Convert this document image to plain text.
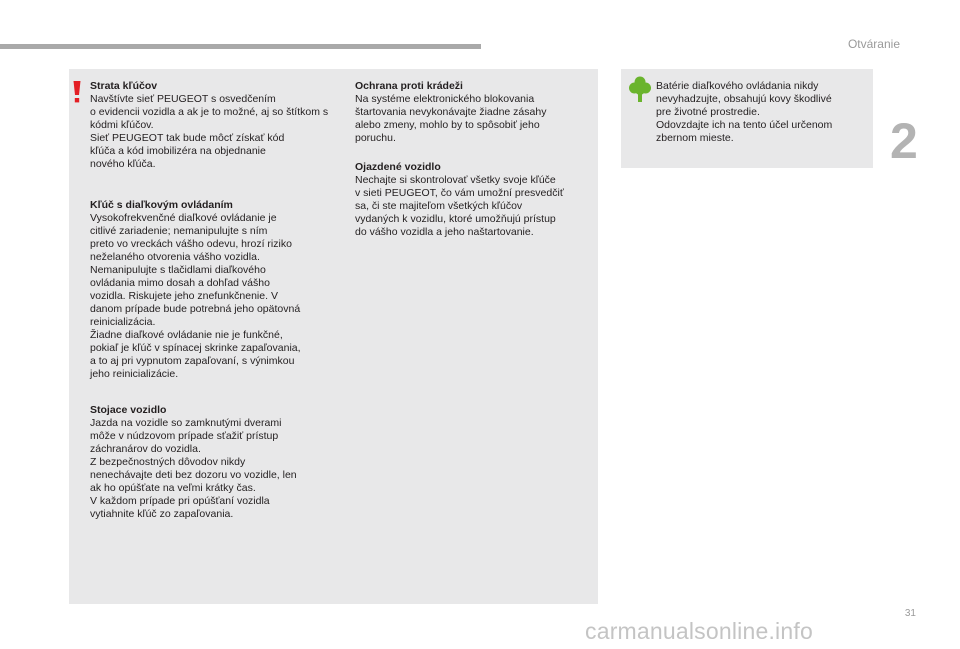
Otváranie
2

Strata kľúčov

Navštívte sieť PEUGEOT s osvedčením
o evidencii vozidla a ak je to možné, aj so štítkom s
kódmi kľúčov.
Sieť PEUGEOT tak bude môcť získať kód
kľúča a kód imobilizéra na objednanie
nového kľúča.

Kľúč s diaľkovým ovládaním

Vysokofrekvenčné diaľkové ovládanie je
citlivé zariadenie; nemanipulujte s ním
preto vo vreckách vášho odevu, hrozí riziko
neželaného otvorenia vášho vozidla.
Nemanipulujte s tlačidlami diaľkového
ovládania mimo dosah a dohľad vášho
vozidla. Riskujete jeho znefunkčnenie. V
danom prípade bude potrebná jeho opätovná
reinicializácia.
Žiadne diaľkové ovládanie nie je funkčné,
pokiaľ je kľúč v spínacej skrinke zapaľovania,
a to aj pri vypnutom zapaľovaní, s výnimkou
jeho reinicializácie.

Stojace vozidlo

Jazda na vozidle so zamknutými dverami
môže v núdzovom prípade sťažiť prístup
záchranárov do vozidla.
Z bezpečnostných dôvodov nikdy
nenechávajte deti bez dozoru vo vozidle, len
ak ho opúšťate na veľmi krátky čas.
V každom prípade pri opúšťaní vozidla
vytiahnite kľúč zo zapaľovania.

Ochrana proti krádeži

Na systéme elektronického blokovania
štartovania nevykonávajte žiadne zásahy
alebo zmeny, mohlo by to spôsobiť jeho
poruchu.

Ojazdené vozidlo

Nechajte si skontrolovať všetky svoje kľúče
v sieti PEUGEOT, čo vám umožní presvedčiť
sa, či ste majiteľom všetkých kľúčov
vydaných k vozidlu, ktoré umožňujú prístup
do vášho vozidla a jeho naštartovanie.

Batérie diaľkového ovládania nikdy
nevyhadzujte, obsahujú kovy škodlivé
pre životné prostredie.
Odovzdajte ich na tento účel určenom
zbernom mieste.

31
carmanualsonline.info
